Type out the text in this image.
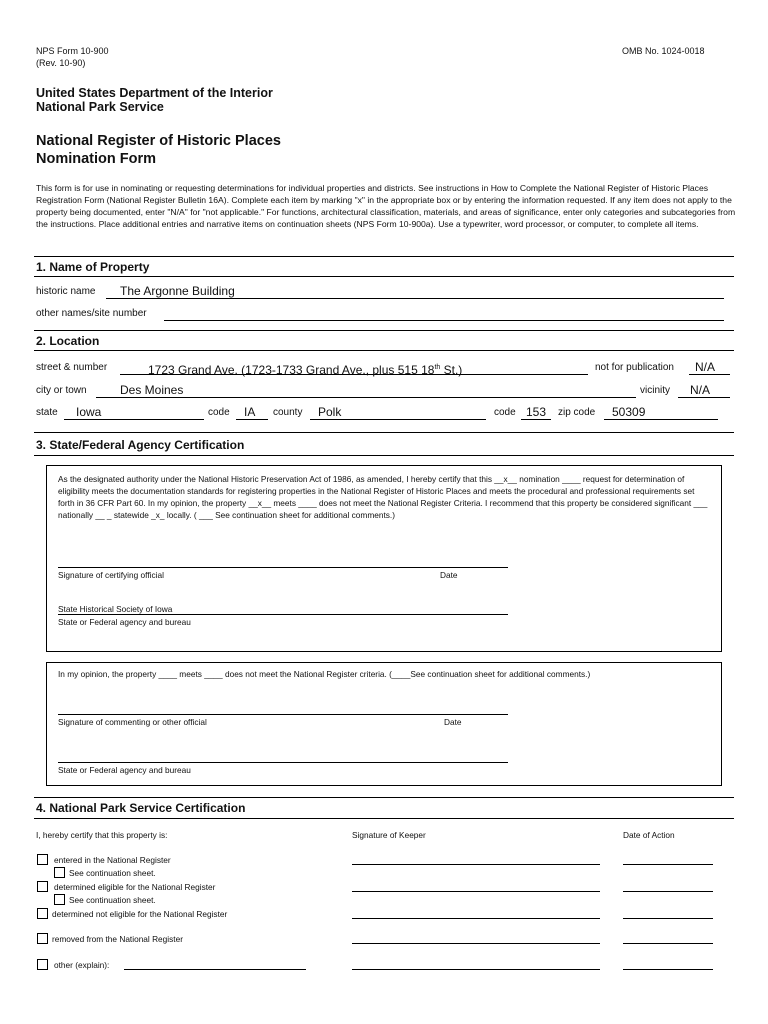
NPS Form 10-900
(Rev. 10-90)
OMB No. 1024-0018
United States Department of the Interior
National Park Service
National Register of Historic Places
Nomination Form
This form is for use in nominating or requesting determinations for individual properties and districts. See instructions in How to Complete the National Register of Historic Places Registration Form (National Register Bulletin 16A). Complete each item by marking "x" in the appropriate box or by entering the information requested. If any item does not apply to the property being documented, enter "N/A" for "not applicable." For functions, architectural classification, materials, and areas of significance, enter only categories and subcategories from the instructions. Place additional entries and narrative items on continuation sheets (NPS Form 10-900a). Use a typewriter, word processor, or computer, to complete all items.
1. Name of Property
historic name	The Argonne Building
other names/site number
2. Location
street & number	1723 Grand Ave. (1723-1733 Grand Ave., plus 515 18th St.)	not for publication	N/A
city or town	Des Moines	vicinity	N/A
state	Iowa	code	IA	county	Polk	code 153	zip code	50309
3. State/Federal Agency Certification
As the designated authority under the National Historic Preservation Act of 1986, as amended, I hereby certify that this __x__ nomination ____ request for determination of eligibility meets the documentation standards for registering properties in the National Register of Historic Places and meets the procedural and professional requirements set forth in 36 CFR Part 60. In my opinion, the property __x__ meets ____ does not meet the National Register Criteria. I recommend that this property be considered significant ___ nationally __ _ statewide _x_ locally. ( ___ See continuation sheet for additional comments.)
Signature of certifying official	Date
State Historical Society of Iowa
State or Federal agency and bureau
In my opinion, the property ____ meets ____ does not meet the National Register criteria. (____See continuation sheet for additional comments.)
Signature of commenting or other official	Date
State or Federal agency and bureau
4. National Park Service Certification
I, hereby certify that this property is:	Signature of Keeper	Date of Action
entered in the National Register
See continuation sheet.
determined eligible for the National Register
See continuation sheet.
determined not eligible for the National Register
removed from the National Register
other (explain):
